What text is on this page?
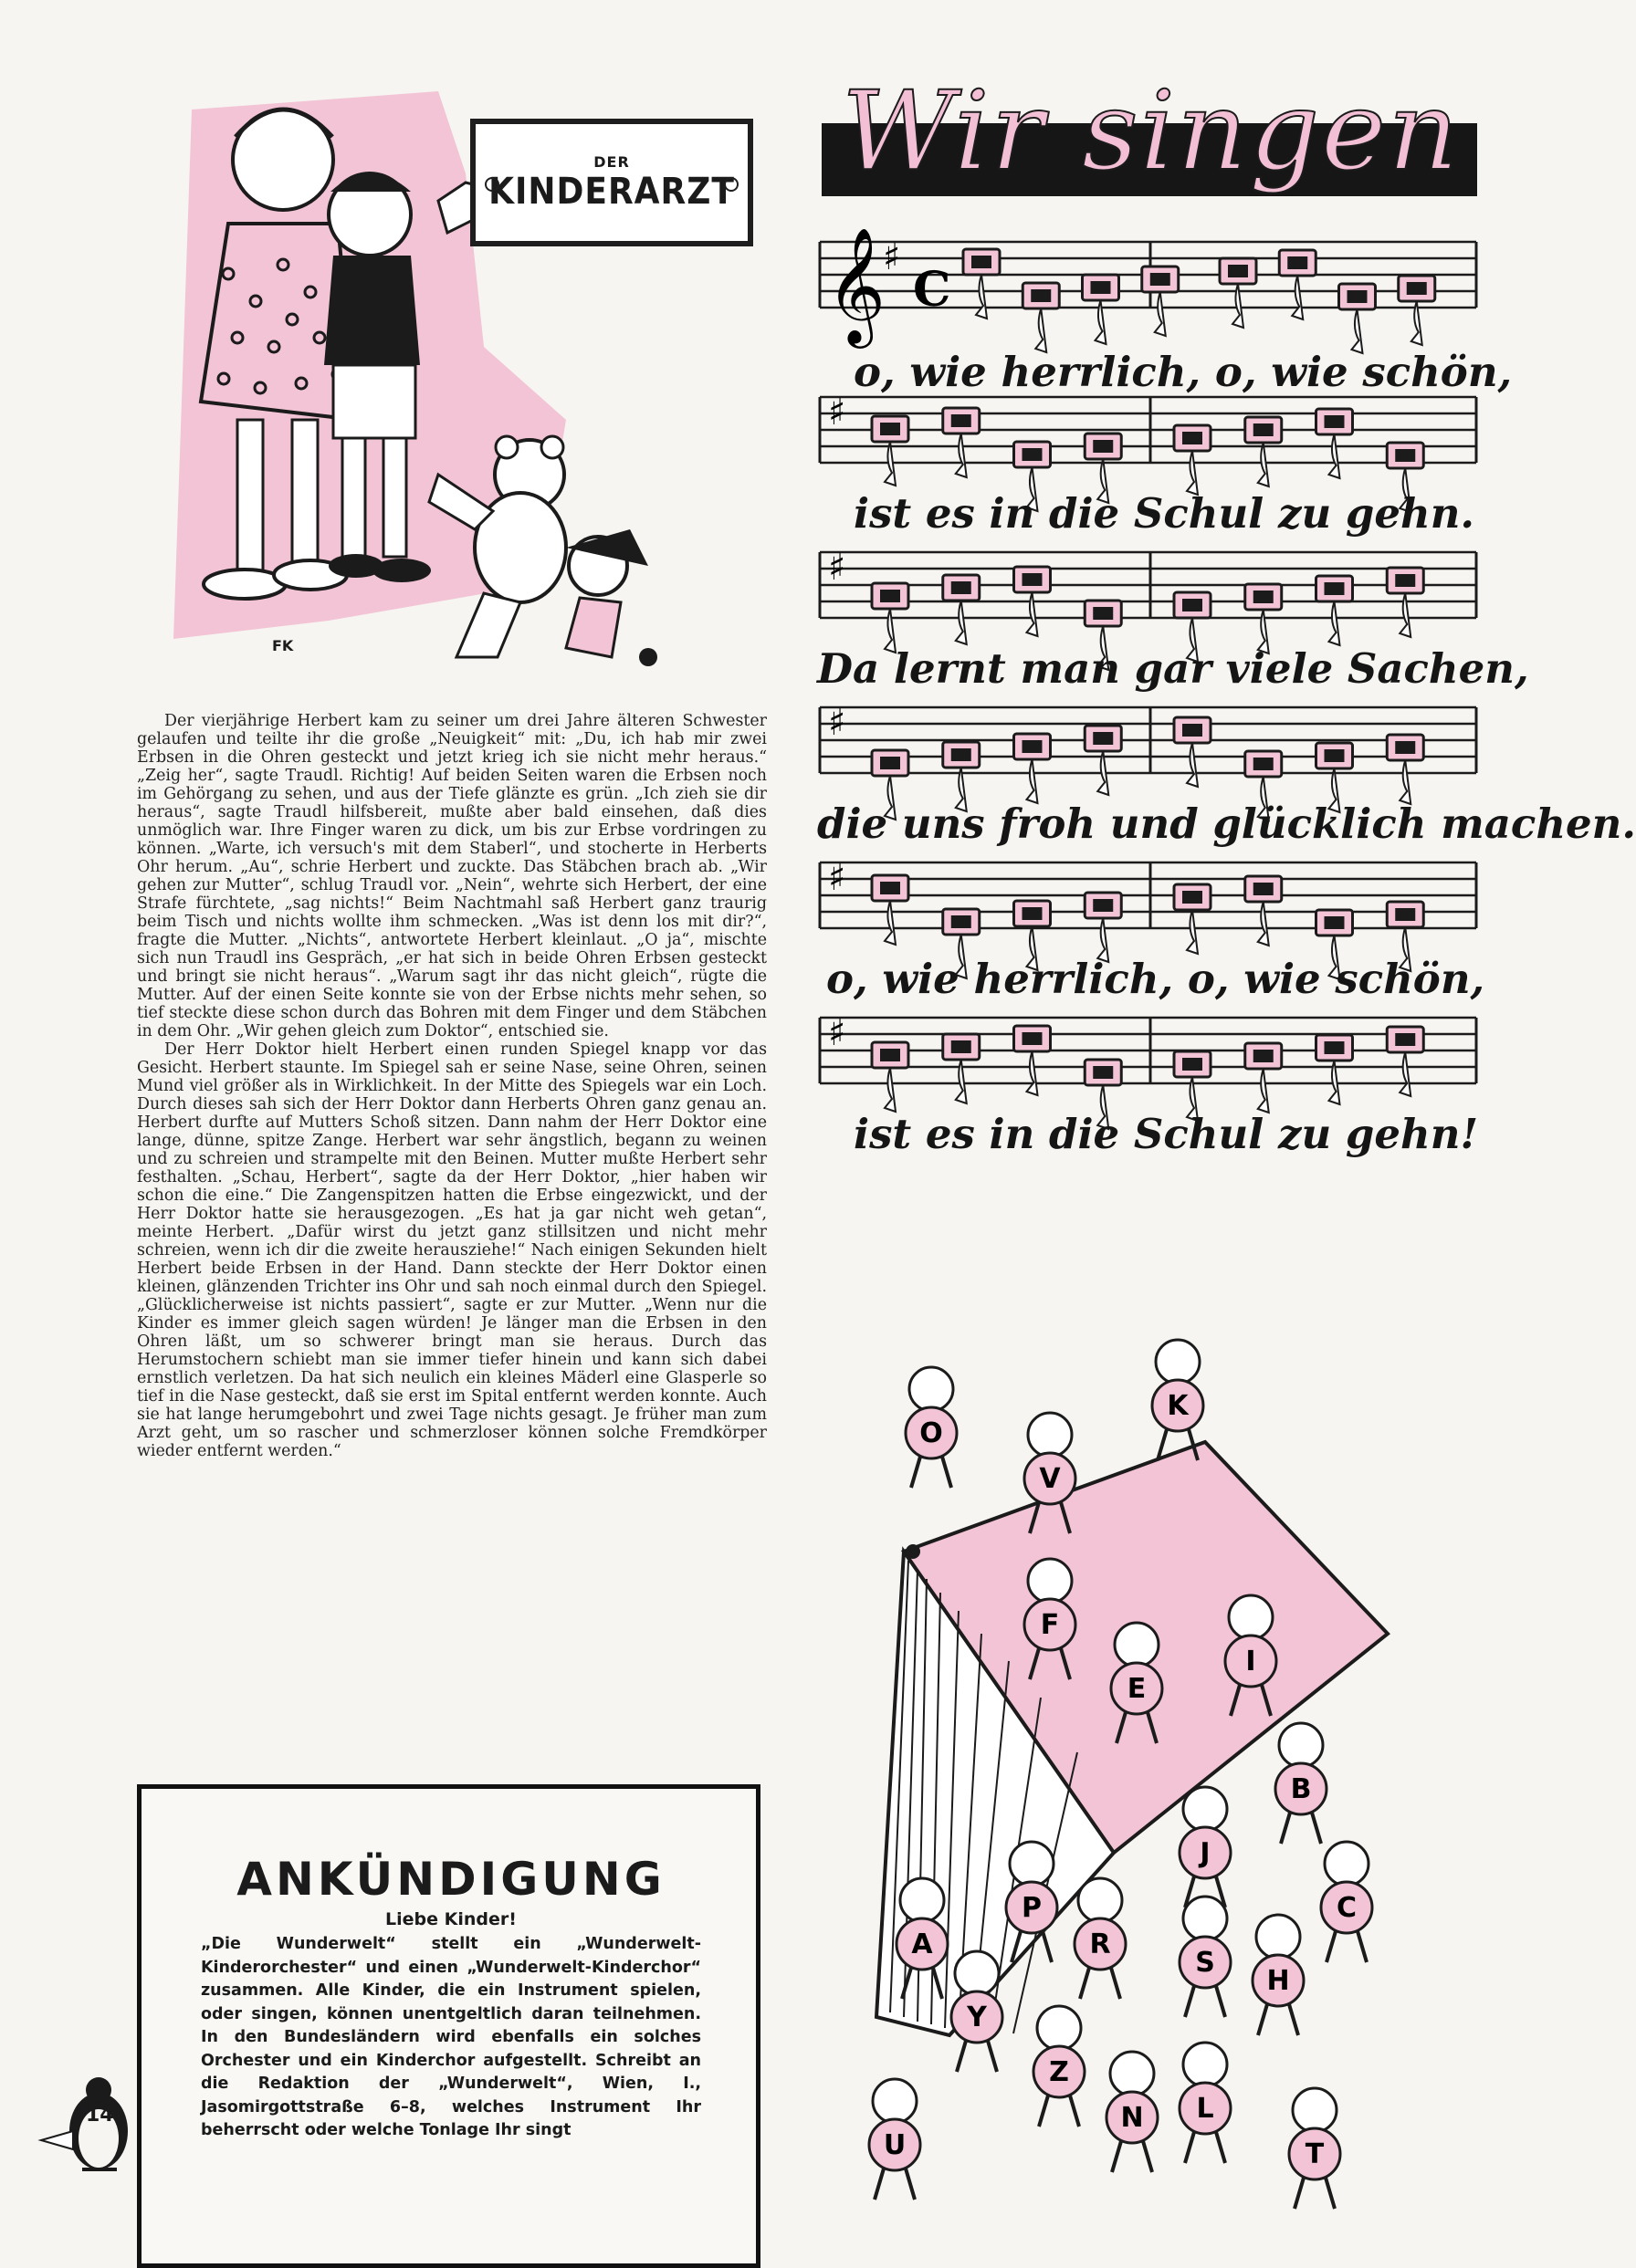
DER
KINDERARZT
FK

Der vierjährige Herbert kam zu seiner um drei Jahre älteren Schwester gelaufen und teilte ihr die große „Neuigkeit“ mit: „Du, ich hab mir zwei Erbsen in die Ohren gesteckt und jetzt krieg ich sie nicht mehr heraus.“ „Zeig her“, sagte Traudl. Richtig! Auf beiden Seiten waren die Erbsen noch im Gehörgang zu sehen, und aus der Tiefe glänzte es grün. „Ich zieh sie dir heraus“, sagte Traudl hilfsbereit, mußte aber bald einsehen, daß dies unmöglich war. Ihre Finger waren zu dick, um bis zur Erbse vordringen zu können. „Warte, ich versuch's mit dem Staberl“, und stocherte in Herberts Ohr herum. „Au“, schrie Herbert und zuckte. Das Stäbchen brach ab. „Wir gehen zur Mutter“, schlug Traudl vor. „Nein“, wehrte sich Herbert, der eine Strafe fürchtete, „sag nichts!“ Beim Nachtmahl saß Herbert ganz traurig beim Tisch und nichts wollte ihm schmecken. „Was ist denn los mit dir?“, fragte die Mutter. „Nichts“, antwortete Herbert kleinlaut. „O ja“, mischte sich nun Traudl ins Gespräch, „er hat sich in beide Ohren Erbsen gesteckt und bringt sie nicht heraus“. „Warum sagt ihr das nicht gleich“, rügte die Mutter. Auf der einen Seite konnte sie von der Erbse nichts mehr sehen, so tief steckte diese schon durch das Bohren mit dem Finger und dem Stäbchen in dem Ohr. „Wir gehen gleich zum Doktor“, entschied sie.

Der Herr Doktor hielt Herbert einen runden Spiegel knapp vor das Gesicht. Herbert staunte. Im Spiegel sah er seine Nase, seine Ohren, seinen Mund viel größer als in Wirklichkeit. In der Mitte des Spiegels war ein Loch. Durch dieses sah sich der Herr Doktor dann Herberts Ohren ganz genau an. Herbert durfte auf Mutters Schoß sitzen. Dann nahm der Herr Doktor eine lange, dünne, spitze Zange. Herbert war sehr ängstlich, begann zu weinen und zu schreien und strampelte mit den Beinen. Mutter mußte Herbert sehr festhalten. „Schau, Herbert“, sagte da der Herr Doktor, „hier haben wir schon die eine.“ Die Zangenspitzen hatten die Erbse eingezwickt, und der Herr Doktor hatte sie herausgezogen. „Es hat ja gar nicht weh getan“, meinte Herbert. „Dafür wirst du jetzt ganz stillsitzen und nicht mehr schreien, wenn ich dir die zweite herausziehe!“ Nach einigen Sekunden hielt Herbert beide Erbsen in der Hand. Dann steckte der Herr Doktor einen kleinen, glänzenden Trichter ins Ohr und sah noch einmal durch den Spiegel. „Glücklicherweise ist nichts passiert“, sagte er zur Mutter. „Wenn nur die Kinder es immer gleich sagen würden! Je länger man die Erbsen in den Ohren läßt, um so schwerer bringt man sie heraus. Durch das Herumstochern schiebt man sie immer tiefer hinein und kann sich dabei ernstlich verletzen. Da hat sich neulich ein kleines Mäderl eine Glasperle so tief in die Nase gesteckt, daß sie erst im Spital entfernt werden konnte. Auch sie hat lange herumgebohrt und zwei Tage nichts gesagt. Je früher man zum Arzt geht, um so rascher und schmerzloser können solche Fremdkörper wieder entfernt werden.“

ANKÜNDIGUNG
Liebe Kinder!

„Die Wunderwelt“ stellt ein „Wunderwelt-Kinderorchester“ und einen „Wunderwelt-Kinderchor“ zusammen. Alle Kinder, die ein Instrument spielen, oder singen, können unentgeltlich daran teilnehmen. In den Bundesländern wird ebenfalls ein solches Orchester und ein Kinderchor aufgestellt. Schreibt an die Redaktion der „Wunderwelt“, Wien, I., Jasomirgottstraße 6–8, welches Instrument Ihr beherrscht oder welche Tonlage Ihr singt

14
Wir singen
♯
𝄞 C
o, wie herrlich, o, wie schön,
♯
ist es in die Schul zu gehn.
♯
Da lernt man gar viele Sachen,
♯
die uns froh und glücklich machen.
♯
o, wie herrlich, o, wie schön,
♯
ist es in die Schul zu gehn!
O
V
K
E
F
I
B
A
P
R
S
J
H
C
U
Y
Z
N L
T
